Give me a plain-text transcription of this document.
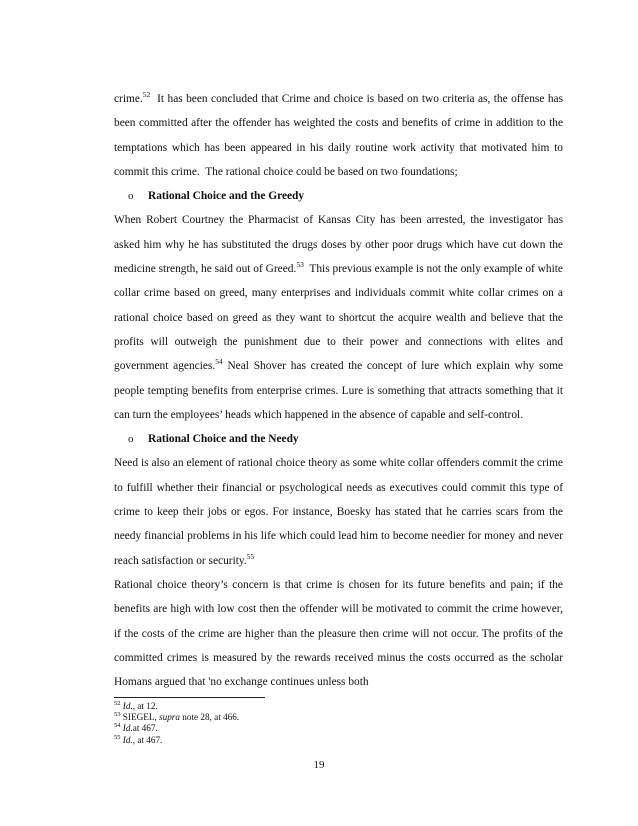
crime.$^{52}$  It has been concluded that Crime and choice is based on two criteria as, the offense has been committed after the offender has weighted the costs and benefits of crime in addition to the temptations which has been appeared in his daily routine work activity that motivated him to commit this crime.  The rational choice could be based on two foundations;

o	Rational Choice and the Greedy

When Robert Courtney the Pharmacist of Kansas City has been arrested, the investigator has asked him why he has substituted the drugs doses by other poor drugs which have cut down the medicine strength, he said out of Greed.$^{53}$  This previous example is not the only example of white collar crime based on greed, many enterprises and individuals commit white collar crimes on a rational choice based on greed as they want to shortcut the acquire wealth and believe that the profits will outweigh the punishment due to their power and connections with elites and government agencies.$^{54}$ Neal Shover has created the concept of lure which explain why some people tempting benefits from enterprise crimes. Lure is something that attracts something that it can turn the employees’ heads which happened in the absence of capable and self-control.

o	Rational Choice and the Needy

Need is also an element of rational choice theory as some white collar offenders commit the crime to fulfill whether their financial or psychological needs as executives could commit this type of crime to keep their jobs or egos. For instance, Boesky has stated that he carries scars from the needy financial problems in his life which could lead him to become needier for money and never reach satisfaction or security.$^{55}$

Rational choice theory’s concern is that crime is chosen for its future benefits and pain; if the benefits are high with low cost then the offender will be motivated to commit the crime however, if the costs of the crime are higher than the pleasure then crime will not occur. The profits of the committed crimes is measured by the rewards received minus the costs occurred as the scholar Homans argued that 'no exchange continues unless both

$^{52}$ Id., at 12.
$^{53}$ SIEGEL, supra note 28, at 466.
$^{54}$ Id.at 467.
$^{55}$ Id., at 467.
19
